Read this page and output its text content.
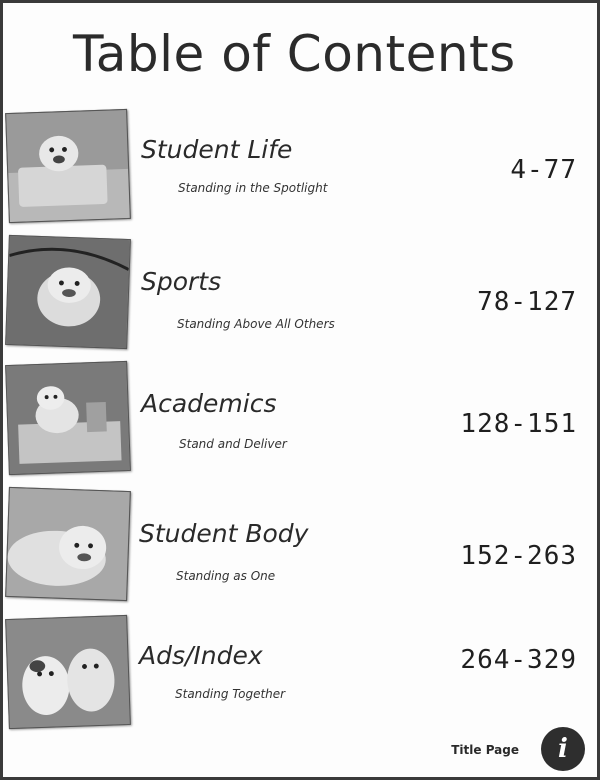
Table of Contents
Student Life
Standing in the Spotlight
4-77
Sports
Standing Above All Others
78-127
Academics
Stand and Deliver
128-151
Student Body
Standing as One
152-263
Ads/Index
Standing Together
264-329
Title Page	i
